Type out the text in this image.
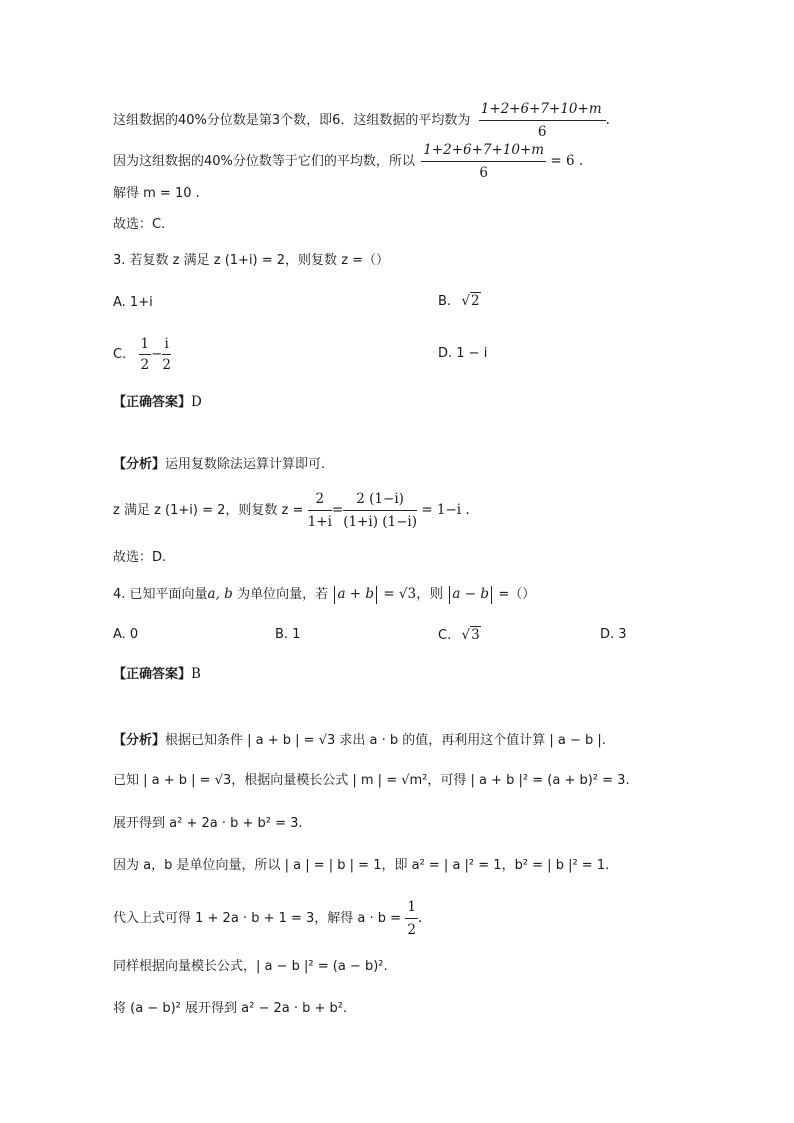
这组数据的40%分位数是第3个数，即6．这组数据的平均数为 $\frac{1+2+6+7+10+m}{6}$ .
因为这组数据的40%分位数等于它们的平均数，所以 $\frac{1+2+6+7+10+m}{6} = 6$ .
解得 m = 10 .
故选：C.
3. 若复数 z 满足 z (1+i) = 2，则复数 z =（）
A. 1+i	B. √2
C. $\frac{1}{2} - \frac{i}{2}$	D. 1 − i
【正确答案】D
【分析】运用复数除法运算计算即可.
z 满足 z (1+i) = 2，则复数 $z = \frac{2}{1+i} = \frac{2 (1-i)}{(1+i) (1-i)} = 1-i$ .
故选：D.
4. 已知平面向量a, b 为单位向量，若 a + b = √3，则 a − b =（）
A. 0	B. 1	C. √3	D. 3
【正确答案】B
【分析】根据已知条件 | a + b | = √3 求出 a · b 的值，再利用这个值计算 | a − b |.
已知 | a + b | = √3，根据向量模长公式 | m | = √m²，可得 | a + b |² = (a + b)² = 3.
展开得到 a² + 2a · b + b² = 3.
因为 a，b 是单位向量，所以 | a | = | b | = 1，即 a² = | a |² = 1，b² = | b |² = 1.
代入上式可得 1 + 2a · b + 1 = 3，解得 $a \cdot b = \frac{1}{2}$ .
同样根据向量模长公式，| a − b |² = (a − b)².
将 (a − b)² 展开得到 a² − 2a · b + b².
